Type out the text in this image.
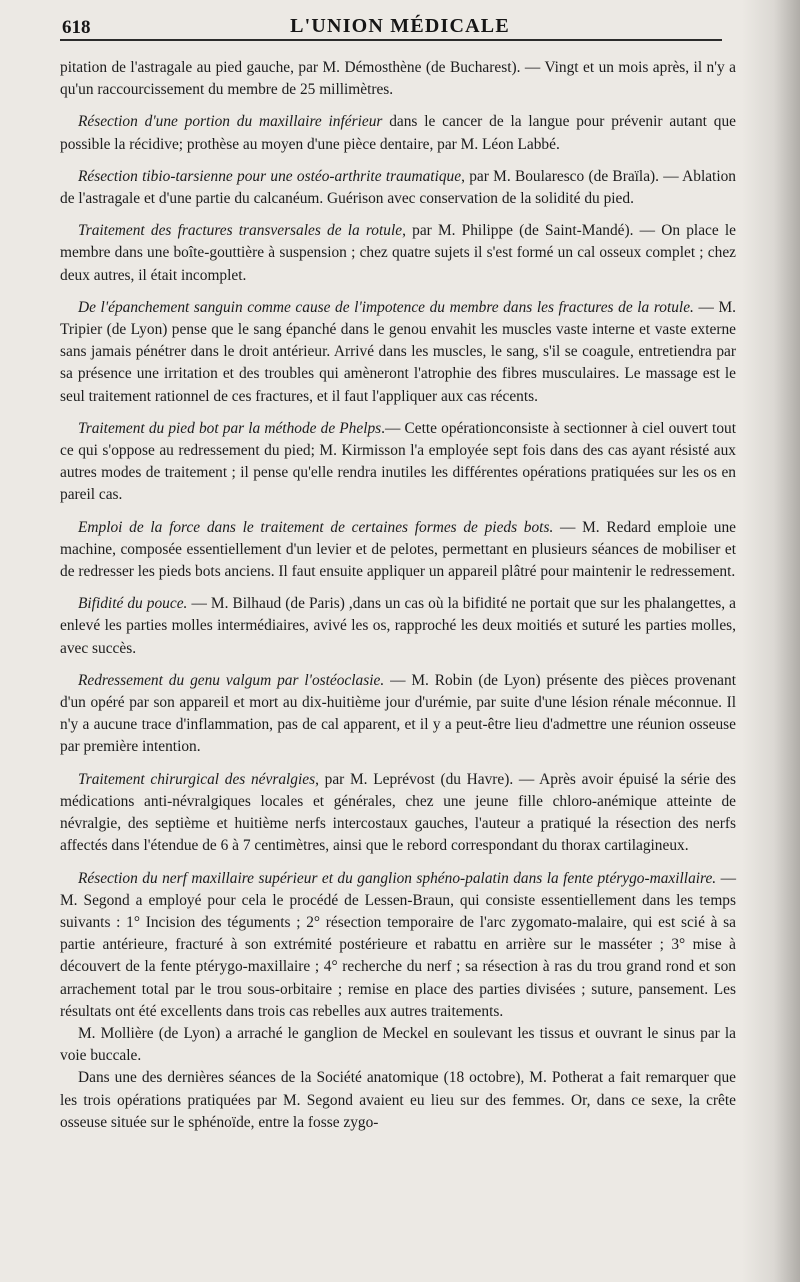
618	L'UNION MÉDICALE

pitation de l'astragale au pied gauche, par M. Démosthène (de Bucharest). — Vingt et un mois après, il n'y a qu'un raccourcissement du membre de 25 millimètres.

Résection d'une portion du maxillaire inférieur dans le cancer de la langue pour prévenir autant que possible la récidive; prothèse au moyen d'une pièce dentaire, par M. Léon Labbé.

Résection tibio-tarsienne pour une ostéo-arthrite traumatique, par M. Boularesco (de Braïla). — Ablation de l'astragale et d'une partie du calcanéum. Guérison avec conservation de la solidité du pied.

Traitement des fractures transversales de la rotule, par M. Philippe (de Saint-Mandé). — On place le membre dans une boîte-gouttière à suspension ; chez quatre sujets il s'est formé un cal osseux complet ; chez deux autres, il était incomplet.

De l'épanchement sanguin comme cause de l'impotence du membre dans les fractures de la rotule. — M. Tripier (de Lyon) pense que le sang épanché dans le genou envahit les muscles vaste interne et vaste externe sans jamais pénétrer dans le droit antérieur. Arrivé dans les muscles, le sang, s'il se coagule, entretiendra par sa présence une irritation et des troubles qui amèneront l'atrophie des fibres musculaires. Le massage est le seul traitement rationnel de ces fractures, et il faut l'appliquer aux cas récents.

Traitement du pied bot par la méthode de Phelps.— Cette opérationconsiste à sectionner à ciel ouvert tout ce qui s'oppose au redressement du pied; M. Kirmisson l'a employée sept fois dans des cas ayant résisté aux autres modes de traitement ; il pense qu'elle rendra inutiles les différentes opérations pratiquées sur les os en pareil cas.

Emploi de la force dans le traitement de certaines formes de pieds bots. — M. Redard emploie une machine, composée essentiellement d'un levier et de pelotes, permettant en plusieurs séances de mobiliser et de redresser les pieds bots anciens. Il faut ensuite appliquer un appareil plâtré pour maintenir le redressement.

Bifidité du pouce. — M. Bilhaud (de Paris) ,dans un cas où la bifidité ne portait que sur les phalangettes, a enlevé les parties molles intermédiaires, avivé les os, rapproché les deux moitiés et suturé les parties molles, avec succès.

Redressement du genu valgum par l'ostéoclasie. — M. Robin (de Lyon) présente des pièces provenant d'un opéré par son appareil et mort au dix-huitième jour d'urémie, par suite d'une lésion rénale méconnue. Il n'y a aucune trace d'inflammation, pas de cal apparent, et il y a peut-être lieu d'admettre une réunion osseuse par première intention.

Traitement chirurgical des névralgies, par M. Leprévost (du Havre). — Après avoir épuisé la série des médications anti-névralgiques locales et générales, chez une jeune fille chloro-anémique atteinte de névralgie, des septième et huitième nerfs intercostaux gauches, l'auteur a pratiqué la résection des nerfs affectés dans l'étendue de 6 à 7 centimètres, ainsi que le rebord correspondant du thorax cartilagineux.

Résection du nerf maxillaire supérieur et du ganglion sphéno-palatin dans la fente ptérygo-maxillaire. — M. Segond a employé pour cela le procédé de Lessen-Braun, qui consiste essentiellement dans les temps suivants : 1° Incision des téguments ; 2° résection temporaire de l'arc zygomato-malaire, qui est scié à sa partie antérieure, fracturé à son extrémité postérieure et rabattu en arrière sur le masséter ; 3° mise à découvert de la fente ptérygo-maxillaire ; 4° recherche du nerf ; sa résection à ras du trou grand rond et son arrachement total par le trou sous-orbitaire ; remise en place des parties divisées ; suture, pansement. Les résultats ont été excellents dans trois cas rebelles aux autres traitements.

M. Mollière (de Lyon) a arraché le ganglion de Meckel en soulevant les tissus et ouvrant le sinus par la voie buccale.

Dans une des dernières séances de la Société anatomique (18 octobre), M. Potherat a fait remarquer que les trois opérations pratiquées par M. Segond avaient eu lieu sur des femmes. Or, dans ce sexe, la crête osseuse située sur le sphénoïde, entre la fosse zygo-
